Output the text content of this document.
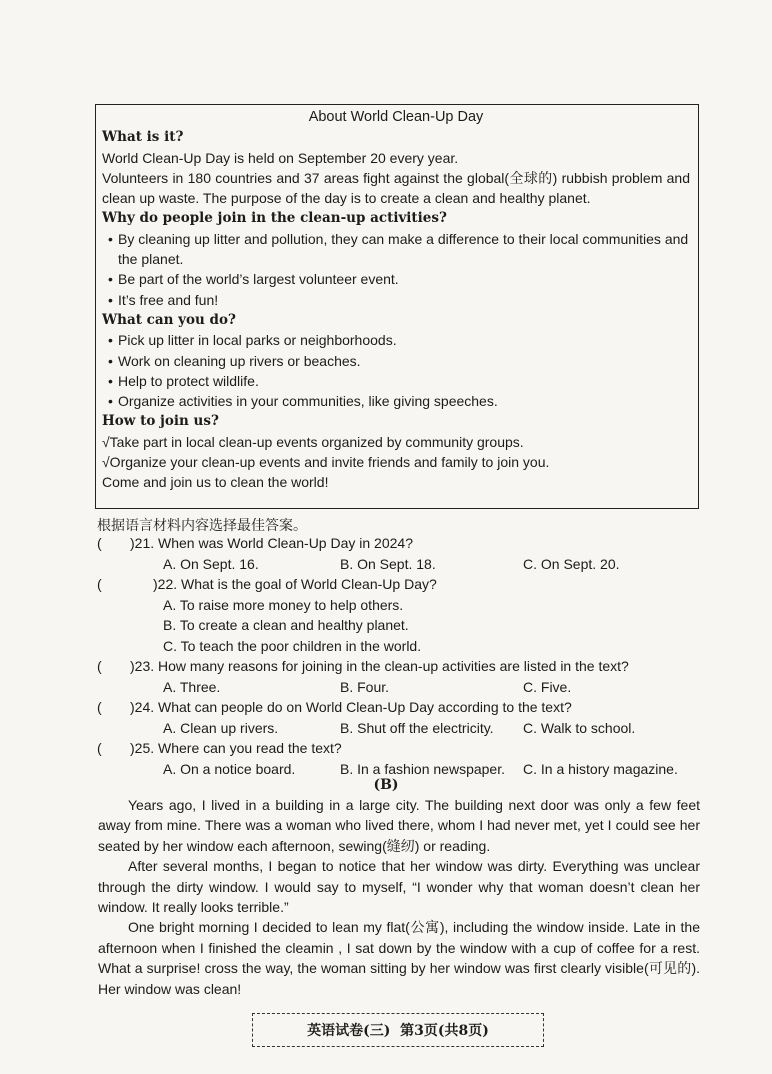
About World Clean-Up Day
What is it?
World Clean-Up Day is held on September 20 every year.
Volunteers in 180 countries and 37 areas fight against the global(全球的) rubbish problem and clean up waste. The purpose of the day is to create a clean and healthy planet.
Why do people join in the clean-up activities?
• By cleaning up litter and pollution, they can make a difference to their local communities and the planet.
• Be part of the world’s largest volunteer event.
• It’s free and fun!
What can you do?
• Pick up litter in local parks or neighborhoods.
• Work on cleaning up rivers or beaches.
• Help to protect wildlife.
• Organize activities in your communities, like giving speeches.
How to join us?
√Take part in local clean-up events organized by community groups.
√Organize your clean-up events and invite friends and family to join you.
Come and join us to clean the world!
根据语言材料内容选择最佳答案。
( )21. When was World Clean-Up Day in 2024?
A. On Sept. 16.	B. On Sept. 18.	C. On Sept. 20.
(	)22. What is the goal of World Clean-Up Day?
A. To raise more money to help others.
B. To create a clean and healthy planet.
C. To teach the poor children in the world.
( )23. How many reasons for joining in the clean-up activities are listed in the text?
A. Three.	B. Four.	C. Five.
( )24. What can people do on World Clean-Up Day according to the text?
A. Clean up rivers.	B. Shut off the electricity. C. Walk to school.
( )25. Where can you read the text?
A. On a notice board.	B. In a fashion newspaper. C. In a history magazine.
(B)

Years ago, I lived in a building in a large city. The building next door was only a few feet away from mine. There was a woman who lived there, whom I had never met, yet I could see her seated by her window each afternoon, sewing(缝纫) or reading.

After several months, I began to notice that her window was dirty. Everything was unclear through the dirty window. I would say to myself, “I wonder why that woman doesn’t clean her window. It really looks terrible.”

One bright morning I decided to lean my flat(公寓), including the window inside. Late in the afternoon when I finished the cleamin , I sat down by the window with a cup of coffee for a rest. What a surprise! cross the way, the woman sitting by her window was first clearly visible(可见的). Her window was clean!

英语试卷(三)  第3页(共8页)
